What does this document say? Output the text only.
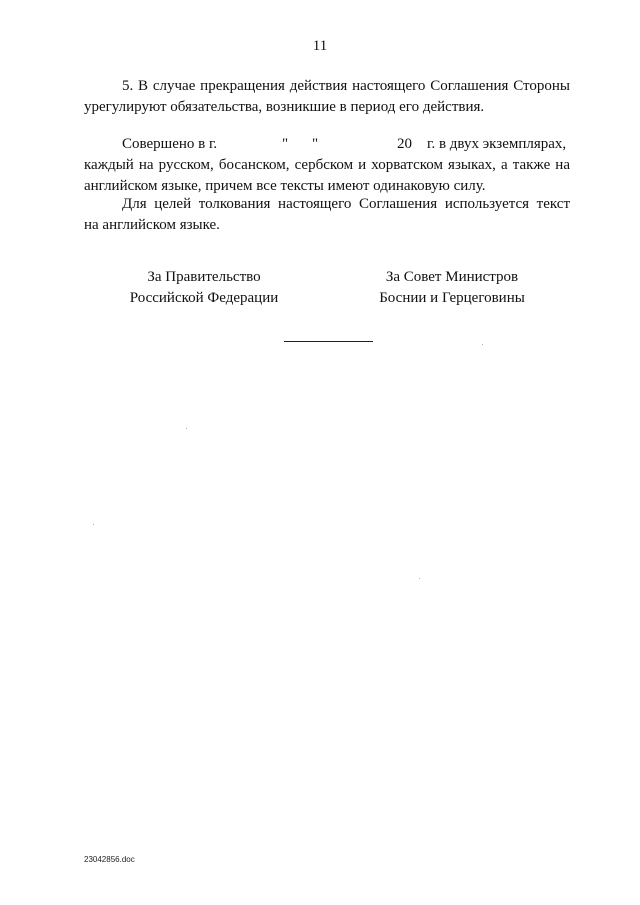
11
5. В случае прекращения действия настоящего Соглашения Стороны
урегулируют обязательства, возникшие в период его действия.
Совершено в г.	" "	20 г. в двух экземплярах,
каждый на русском, босанском, сербском и хорватском языках, а также на
английском языке, причем все тексты имеют одинаковую силу.
Для целей толкования настоящего Соглашения используется текст
на английском языке.
За Правительство
Российской Федерации
За Совет Министров
Боснии и Герцеговины
23042856.doc
